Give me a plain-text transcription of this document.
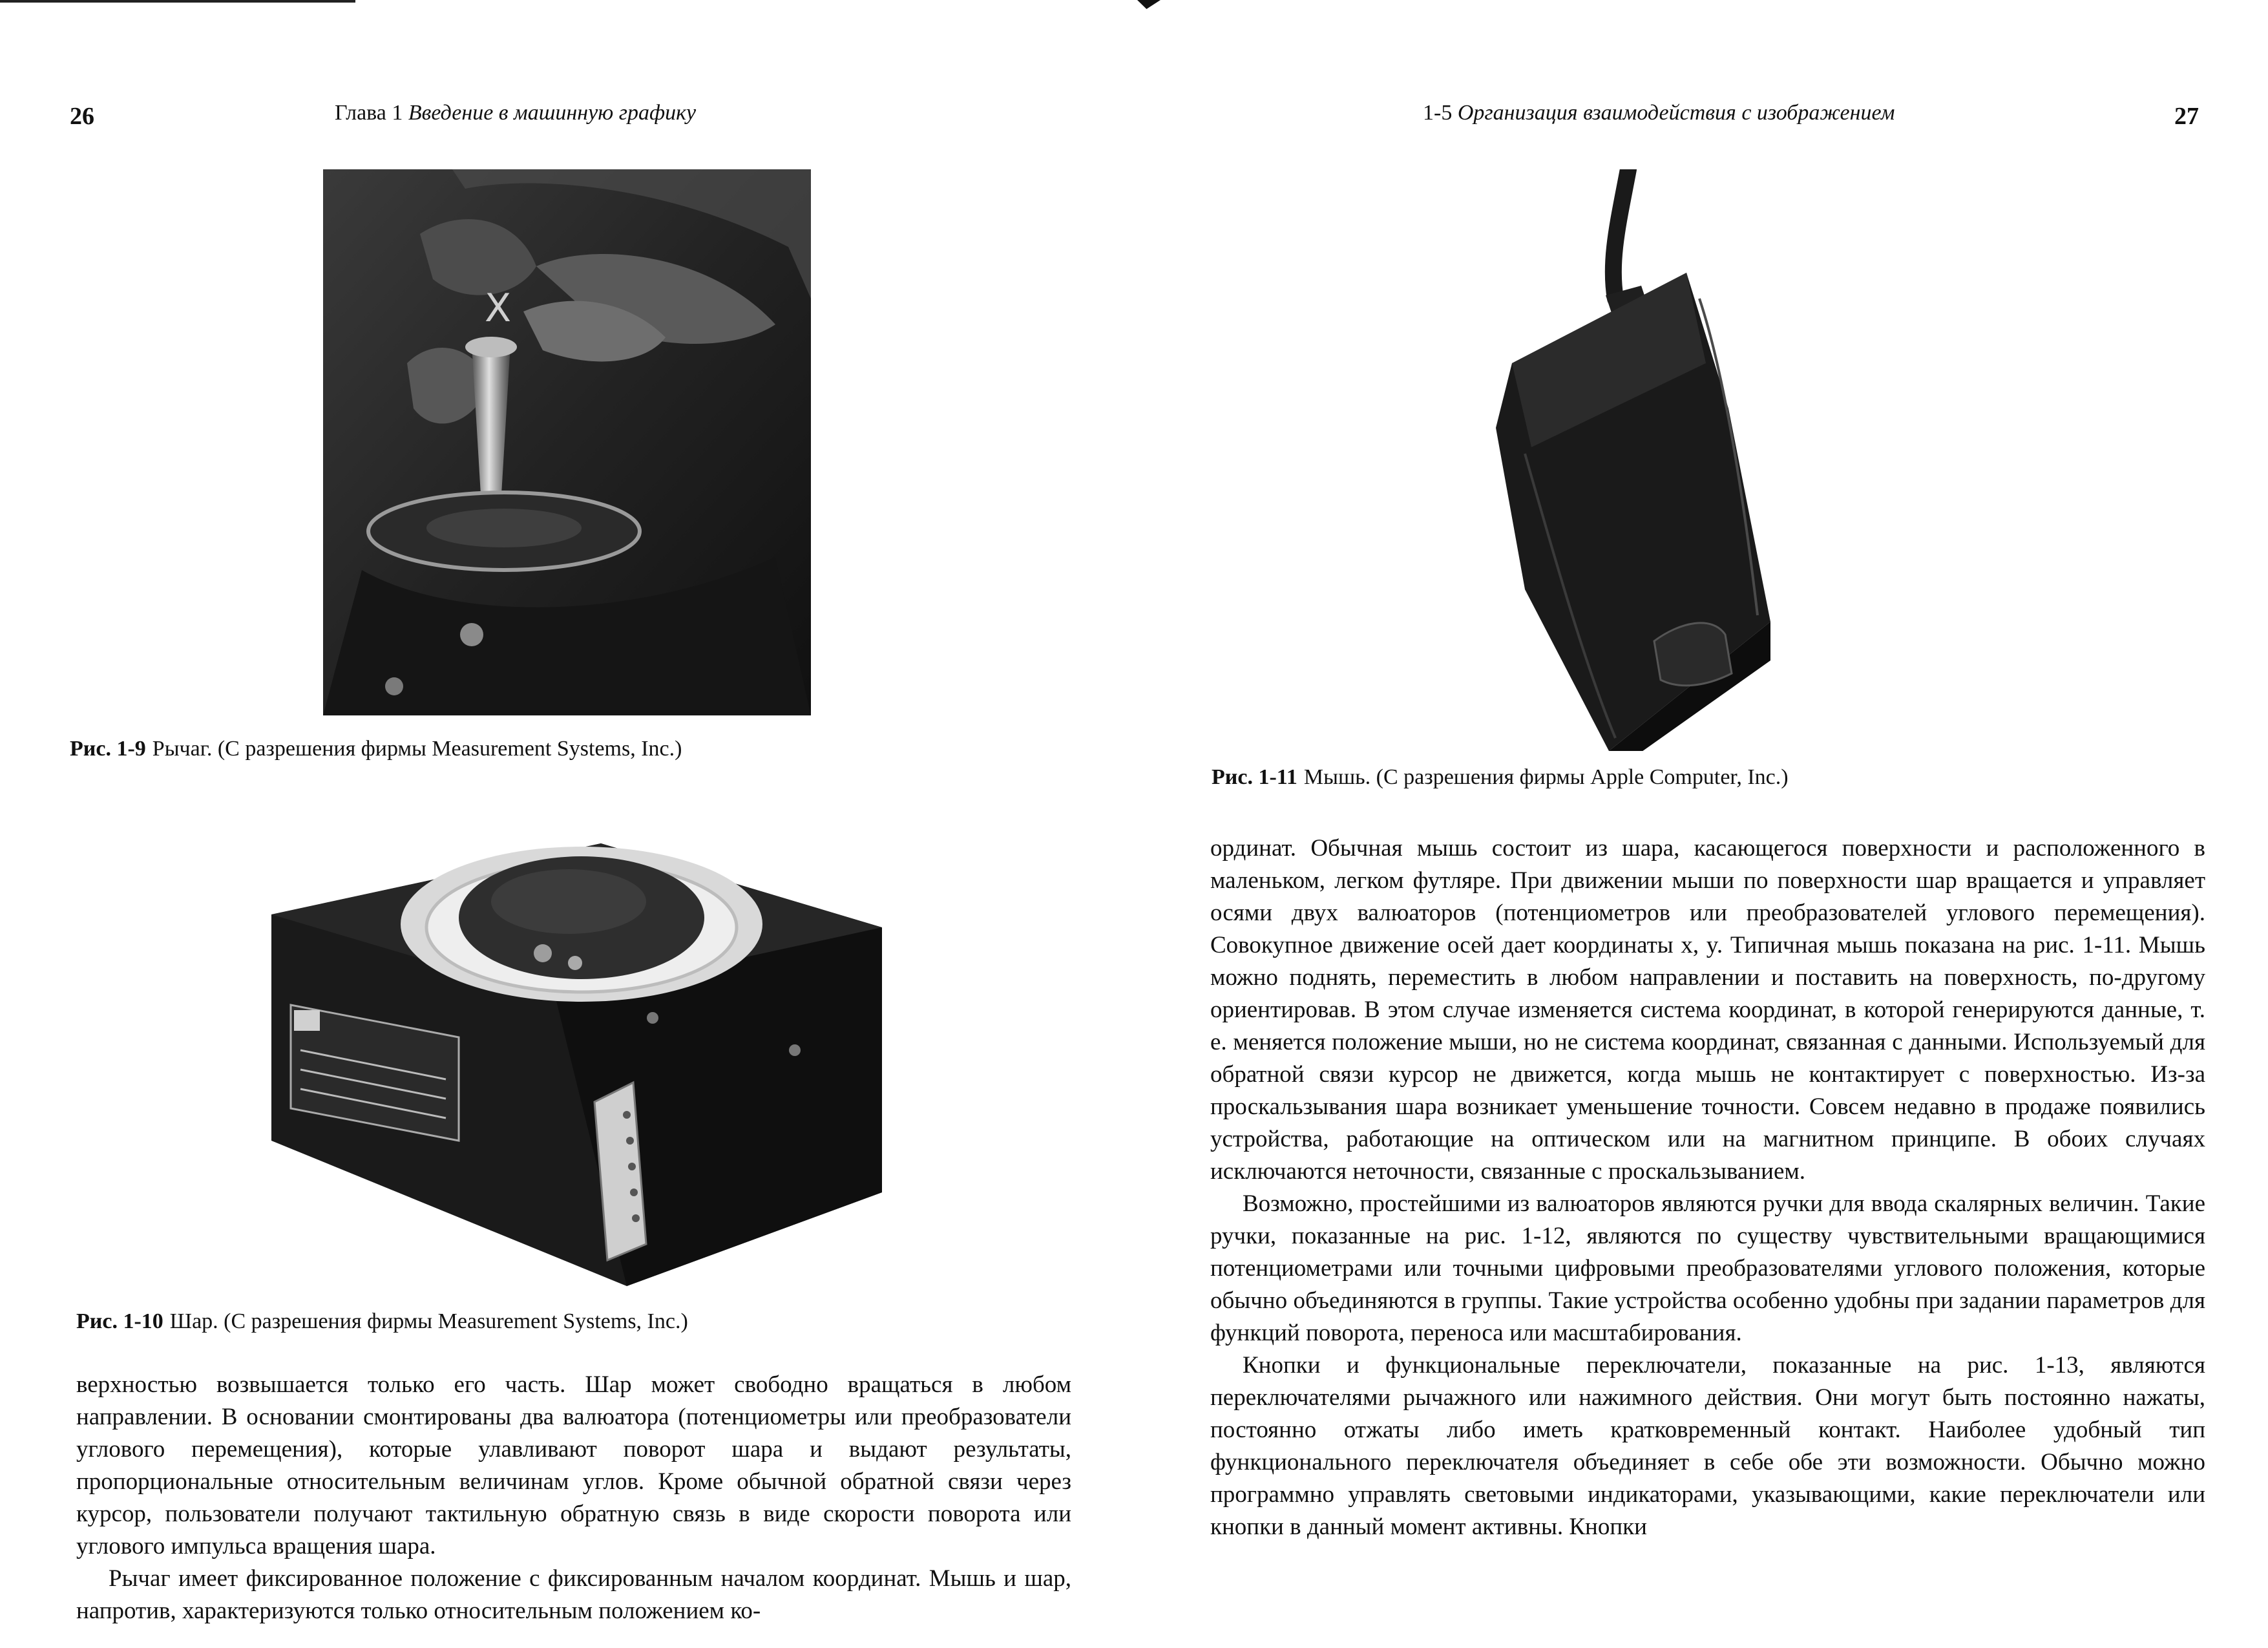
26	Глава 1 Введение в машинную графику
X
Рис. 1-9 Рычаг. (С разрешения фирмы Measurement Systems, Inc.)
Рис. 1-10 Шар. (С разрешения фирмы Measurement Systems, Inc.)

верхностью возвышается только его часть. Шар может свободно вращаться в любом направлении. В основании смонтированы два валюатора (потенциометры или преобразователи углового перемещения), которые улавливают поворот шара и выдают результаты, пропорциональные относительным величинам углов. Кроме обычной обратной связи через курсор, пользователи получают тактильную обратную связь в виде скорости поворота или углового импульса вращения шара.

Рычаг имеет фиксированное положение с фиксированным началом координат. Мышь и шар, напротив, характеризуются только относительным положением ко-

1-5 Организация взаимодействия с изображением	27
Рис. 1-11 Мышь. (С разрешения фирмы Apple Computer, Inc.)

ординат. Обычная мышь состоит из шара, касающегося поверхности и расположенного в маленьком, легком футляре. При движении мыши по поверхности шар вращается и управляет осями двух валюаторов (потенциометров или преобразователей углового перемещения). Совокупное движение осей дает координаты x, y. Типичная мышь показана на рис. 1-11. Мышь можно поднять, переместить в любом направлении и поставить на поверхность, по-другому ориентировав. В этом случае изменяется система координат, в которой генерируются данные, т. е. меняется положение мыши, но не система координат, связанная с данными. Используемый для обратной связи курсор не движется, когда мышь не контактирует с поверхностью. Из-за проскальзывания шара возникает уменьшение точности. Совсем недавно в продаже появились устройства, работающие на оптическом или на магнитном принципе. В обоих случаях исключаются неточности, связанные с проскальзыванием.

Возможно, простейшими из валюаторов являются ручки для ввода скалярных величин. Такие ручки, показанные на рис. 1-12, являются по существу чувствительными вращающимися потенциометрами или точными цифровыми преобразователями углового положения, которые обычно объединяются в группы. Такие устройства особенно удобны при задании параметров для функций поворота, переноса или масштабирования.

Кнопки и функциональные переключатели, показанные на рис. 1-13, являются переключателями рычажного или нажимного действия. Они могут быть постоянно нажаты, постоянно отжаты либо иметь кратковременный контакт. Наиболее удобный тип функционального переключателя объединяет в себе обе эти возможности. Обычно можно программно управлять световыми индикаторами, указывающими, какие переключатели или кнопки в данный момент активны. Кнопки
